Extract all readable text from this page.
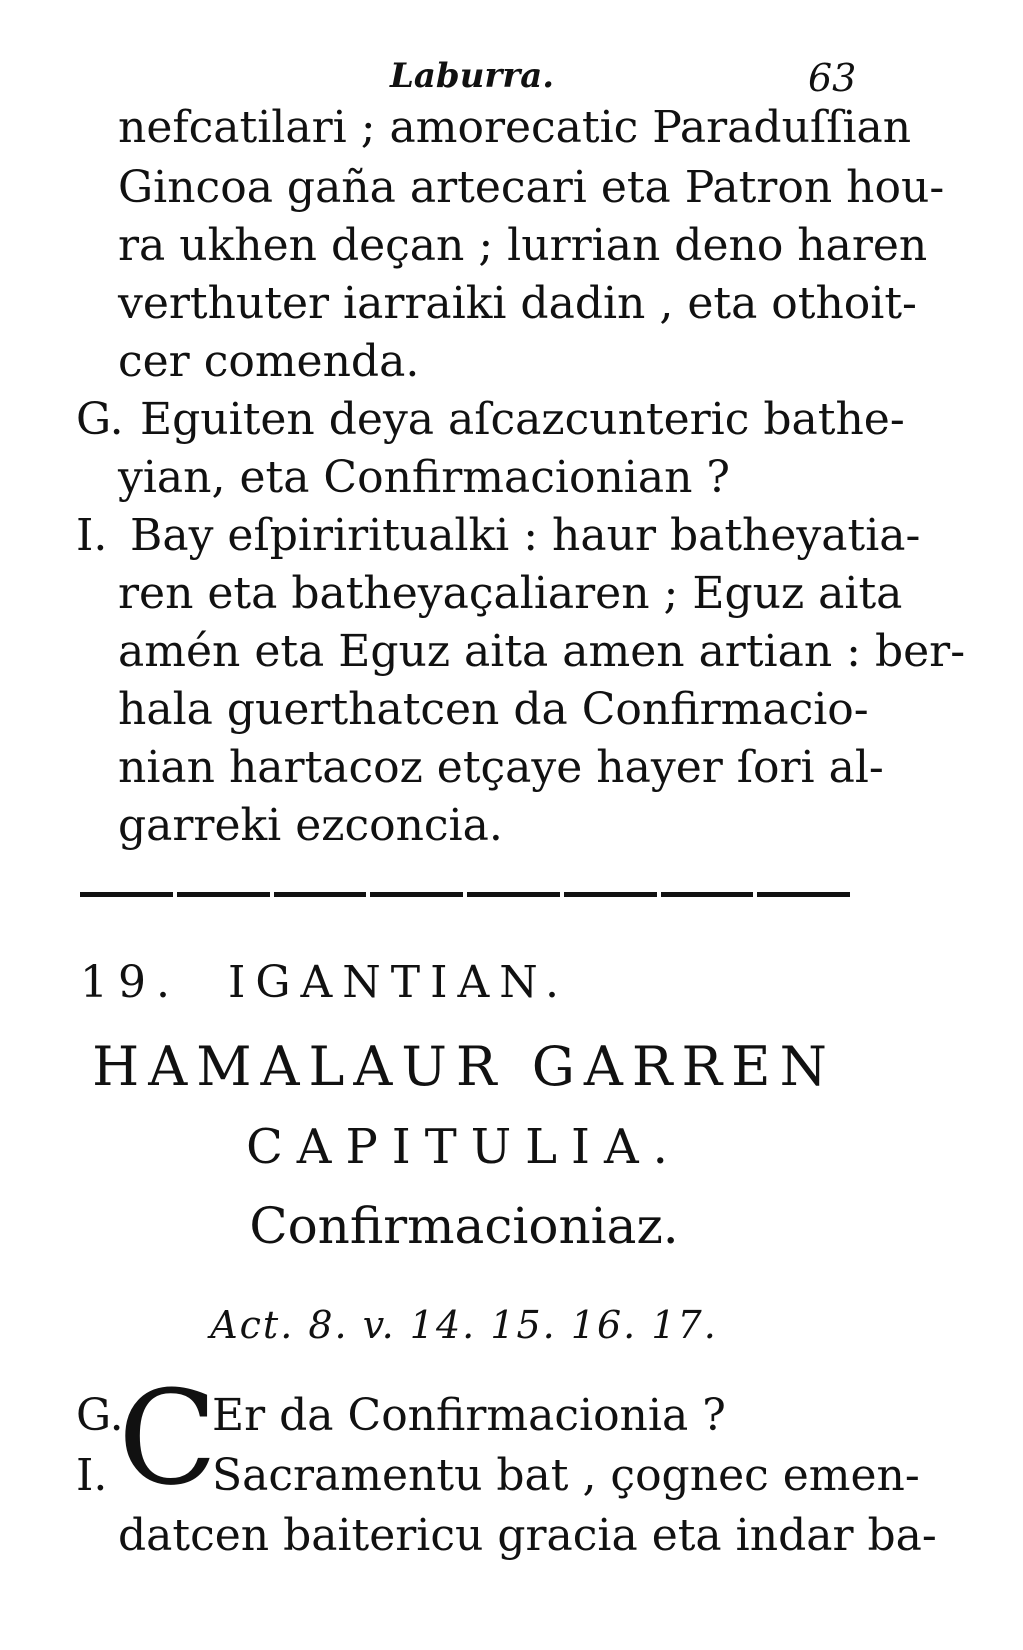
Laburra.	63
nefcatilari ; amorecatic Paraduſſian
Gincoa gaña artecari eta Patron hou-
ra ukhen deçan ; lurrian deno haren
verthuter iarraiki dadin , eta othoit-
cer comenda.
G. Eguiten deya aſcazcunteric bathe-
yian, eta Confirmacionian ?
I. Bay eſpiriritualki : haur batheyatia-
ren eta batheyaçaliaren ; Eguz aita
amén eta Eguz aita amen artian : ber-
hala guerthatcen da Confirmacio-
nian hartacoz etçaye hayer ſori al-
garreki ezconcia.
19. IGANTIAN.
HAMALAUR GARREN
CAPITULIA.
Confirmacioniaz.
Act. 8. v. 14. 15. 16. 17.
G.
C
Er da Confirmacionia ?
I. Sacramentu bat , çognec emen-
datcen baitericu gracia eta indar ba-
